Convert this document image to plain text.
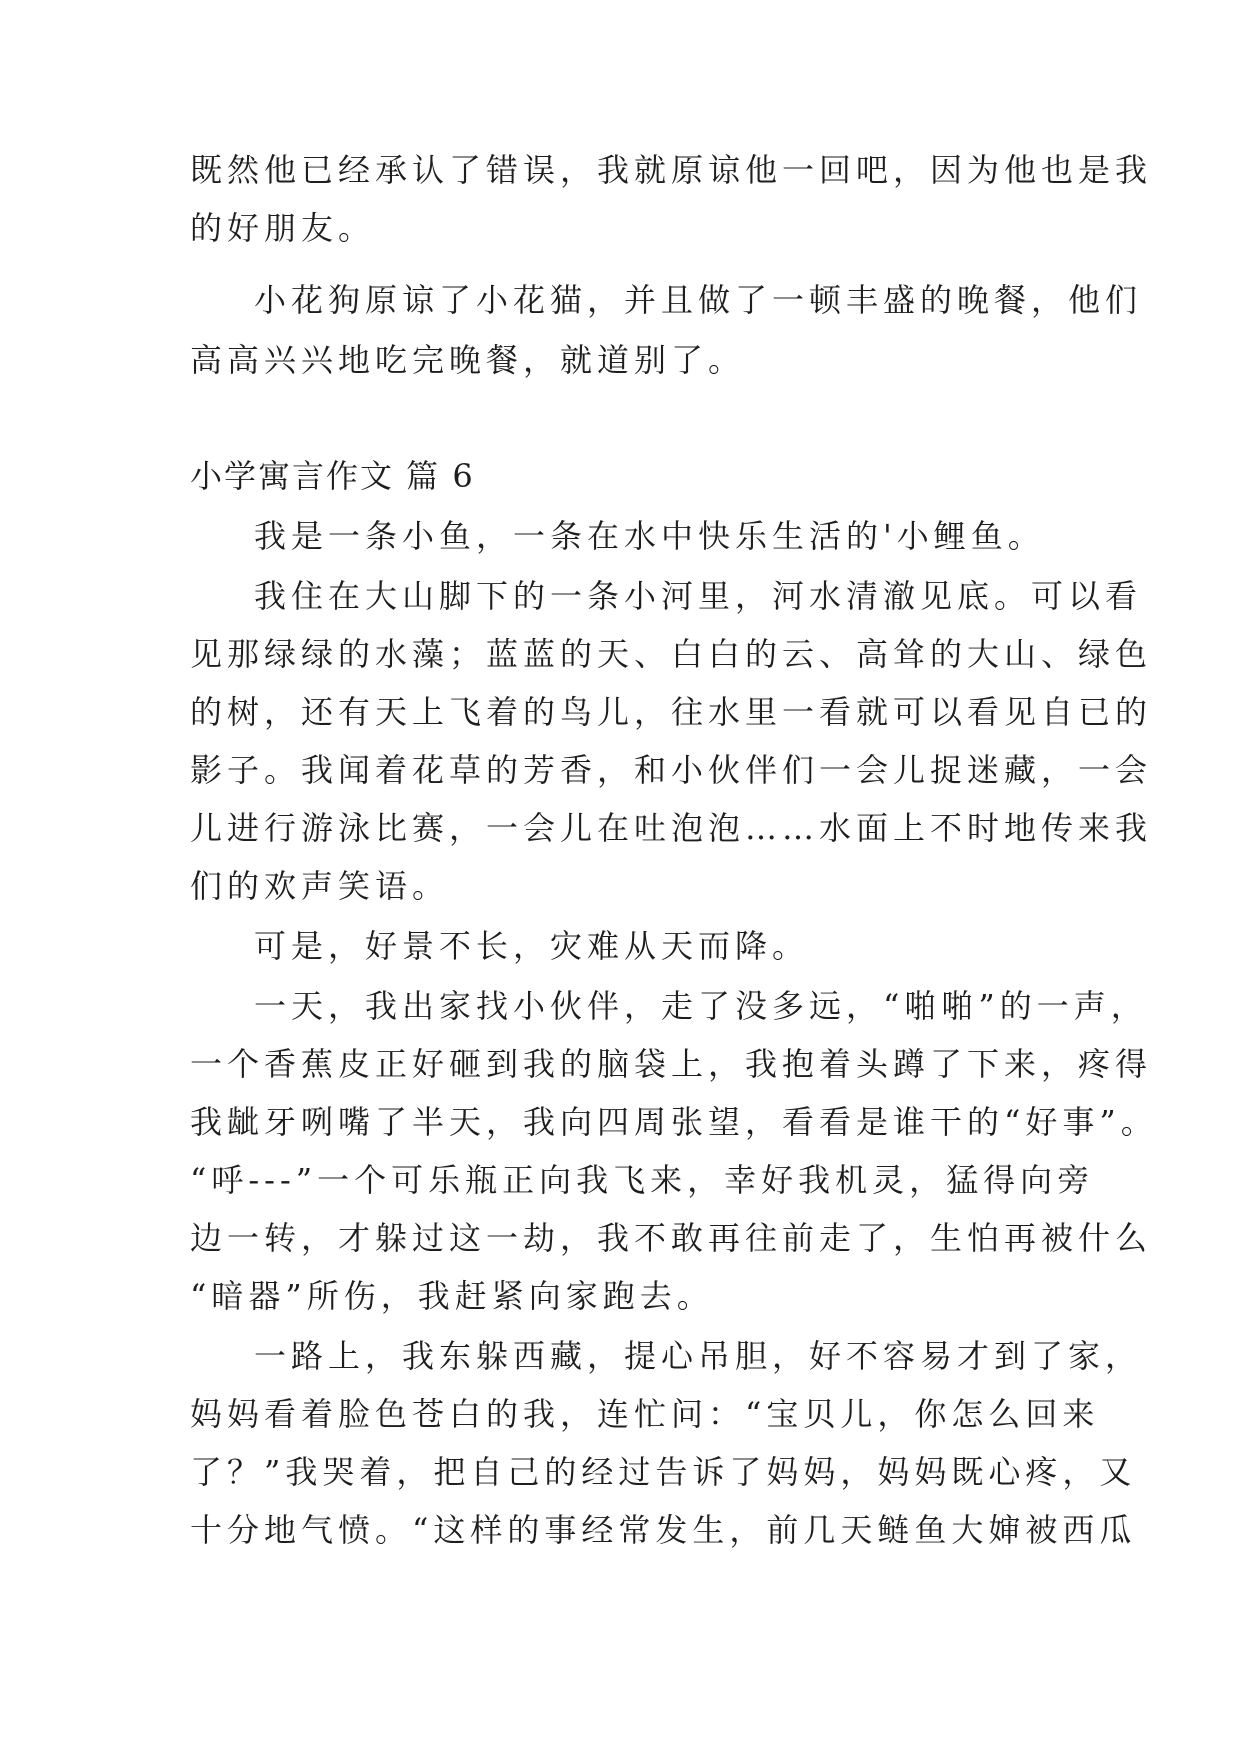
既然他已经承认了错误，我就原谅他一回吧，因为他也是我

的好朋友。

小花狗原谅了小花猫，并且做了一顿丰盛的晚餐，他们

高高兴兴地吃完晚餐，就道别了。

小学寓言作文 篇 6

我是一条小鱼，一条在水中快乐生活的'小鲤鱼。

我住在大山脚下的一条小河里，河水清澈见底。可以看

见那绿绿的水藻；蓝蓝的天、白白的云、高耸的大山、绿色

的树，还有天上飞着的鸟儿，往水里一看就可以看见自已的

影子。我闻着花草的芳香，和小伙伴们一会儿捉迷藏，一会

儿进行游泳比赛，一会儿在吐泡泡……水面上不时地传来我

们的欢声笑语。

可是，好景不长，灾难从天而降。

一天，我出家找小伙伴，走了没多远，“啪啪”的一声，

一个香蕉皮正好砸到我的脑袋上，我抱着头蹲了下来，疼得

我龇牙咧嘴了半天，我向四周张望，看看是谁干的“好事”。

“呼---”一个可乐瓶正向我飞来，幸好我机灵，猛得向旁

边一转，才躲过这一劫，我不敢再往前走了，生怕再被什么

“暗器”所伤，我赶紧向家跑去。

一路上，我东躲西藏，提心吊胆，好不容易才到了家，

妈妈看着脸色苍白的我，连忙问：“宝贝儿，你怎么回来

了？”我哭着，把自己的经过告诉了妈妈，妈妈既心疼，又

十分地气愤。“这样的事经常发生，前几天鲢鱼大婶被西瓜
